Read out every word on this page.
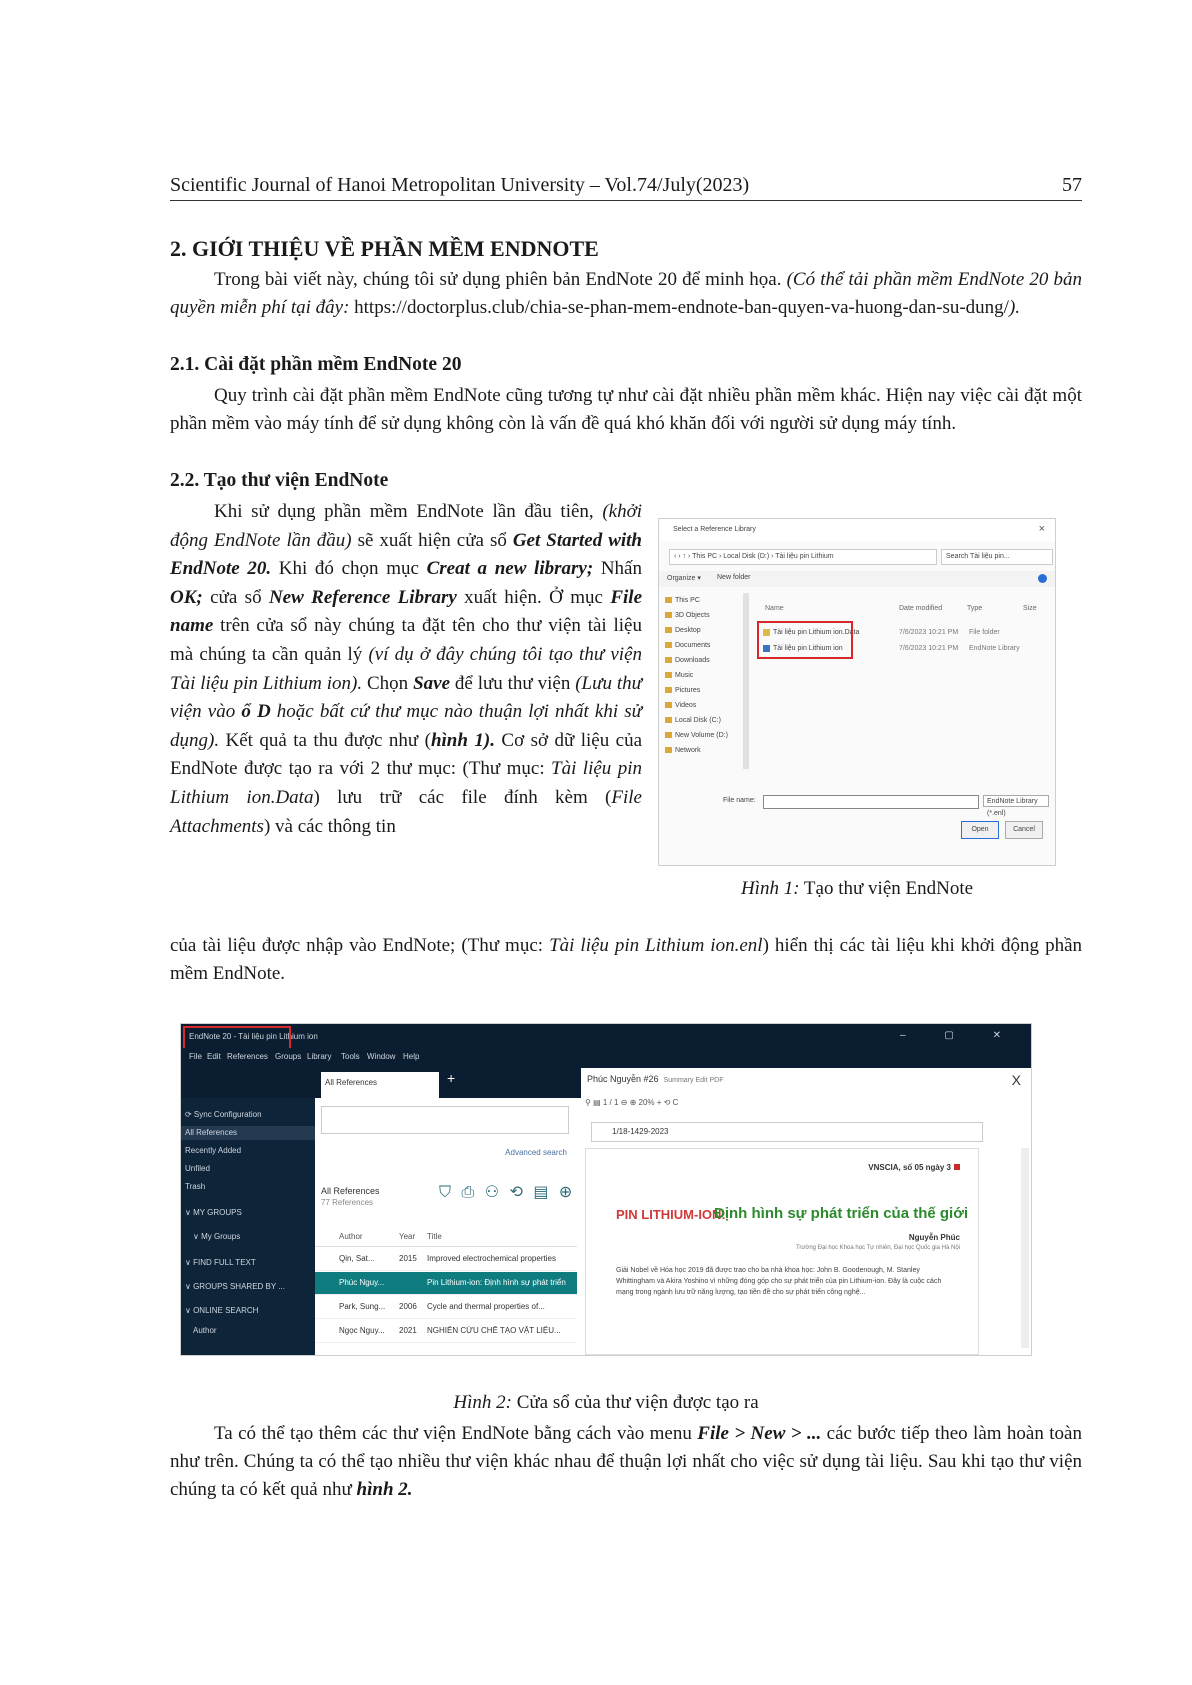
Scientific Journal of Hanoi Metropolitan University – Vol.74/July(2023)	57
2. GIỚI THIỆU VỀ PHẦN MỀM ENDNOTE
Trong bài viết này, chúng tôi sử dụng phiên bản EndNote 20 để minh họa. (Có thể tải phần mềm EndNote 20 bản quyền miễn phí tại đây: https://doctorplus.club/chia-se-phan-mem-endnote-ban-quyen-va-huong-dan-su-dung/).
2.1. Cài đặt phần mềm EndNote 20
Quy trình cài đặt phần mềm EndNote cũng tương tự như cài đặt nhiều phần mềm khác. Hiện nay việc cài đặt một phần mềm vào máy tính để sử dụng không còn là vấn đề quá khó khăn đối với người sử dụng máy tính.
2.2. Tạo thư viện EndNote
Khi sử dụng phần mềm EndNote lần đầu tiên, (khởi động EndNote lần đầu) sẽ xuất hiện cửa sổ Get Started with EndNote 20. Khi đó chọn mục Creat a new library; Nhấn OK; cửa sổ New Reference Library xuất hiện. Ở mục File name trên cửa sổ này chúng ta đặt tên cho thư viện tài liệu mà chúng ta cần quản lý (ví dụ ở đây chúng tôi tạo thư viện Tài liệu pin Lithium ion). Chọn Save để lưu thư viện (Lưu thư viện vào ổ D hoặc bất cứ thư mục nào thuận lợi nhất khi sử dụng). Kết quả ta thu được như (hình 1). Cơ sở dữ liệu của EndNote được tạo ra với 2 thư mục: (Thư mục: Tài liệu pin Lithium ion.Data) lưu trữ các file đính kèm (File Attachments) và các thông tin
của tài liệu được nhập vào EndNote; (Thư mục: Tài liệu pin Lithium ion.enl) hiển thị các tài liệu khi khởi động phần mềm EndNote.
Select a Reference Library	×
‹ › ↑ › This PC › Local Disk (D:) › Tài liệu pin Lithium	Search Tài liệu pin...
Organize ▾ New folder
This PC
3D Objects
Desktop
Documents
Downloads
Music
Pictures
Videos
Local Disk (C:)
New Volume (D:)
Network
Name	Date modified	Type	Size
Tài liệu pin Lithium ion.Data	7/6/2023 10:21 PM File folder
Tài liệu pin Lithium ion	7/6/2023 10:21 PM EndNote Library
File name:	EndNote Library (*.enl)
Open	Cancel
Hình 1: Tạo thư viện EndNote
EndNote 20 - Tài liệu pin Lithium ion	– ▢ ✕
File Edit References Groups Library Tools Window Help
All References	+
⟳ Sync Configuration
All References
Recently Added
Unfiled
Trash
∨ MY GROUPS
∨ My Groups
∨ FIND FULL TEXT
∨ GROUPS SHARED BY ...
∨ ONLINE SEARCH
Author
Advanced search
All References
77 References
⛉ ⎙ ⚇ ⟲ ▤ ⊕
Author	Year Title
Qin, Sat...	2015 Improved electrochemical properties
Phúc Nguy...	Pin Lithium-ion: Định hình sự phát triển
Park, Sung...	2006 Cycle and thermal properties of...
Ngọc Nguy...	2021 NGHIÊN CỨU CHẾ TẠO VẬT LIỆU...
Phúc Nguyễn #26 Summary Edit PDF	X
⚲ ▤ 1 / 1 ⊖ ⊕ 20% + ⟲ C
1/18-1429-2023
VNSCIA, số 05 ngày 3
PIN LITHIUM-ION:
Định hình sự phát triển của thế giới
Nguyễn Phúc
Trường Đại học Khoa học Tự nhiên, Đại học Quốc gia Hà Nội
Giải Nobel về Hóa học 2019 đã được trao cho ba nhà khoa học: John B. Goodenough, M. Stanley Whittingham và Akira Yoshino vì những đóng góp cho sự phát triển của pin Lithium-ion. Đây là cuộc cách mạng trong ngành lưu trữ năng lượng, tạo tiền đề cho sự phát triển công nghệ...
Hình 2: Cửa sổ của thư viện được tạo ra
Ta có thể tạo thêm các thư viện EndNote bằng cách vào menu File > New > ... các bước tiếp theo làm hoàn toàn như trên. Chúng ta có thể tạo nhiều thư viện khác nhau để thuận lợi nhất cho việc sử dụng tài liệu. Sau khi tạo thư viện chúng ta có kết quả như hình 2.
